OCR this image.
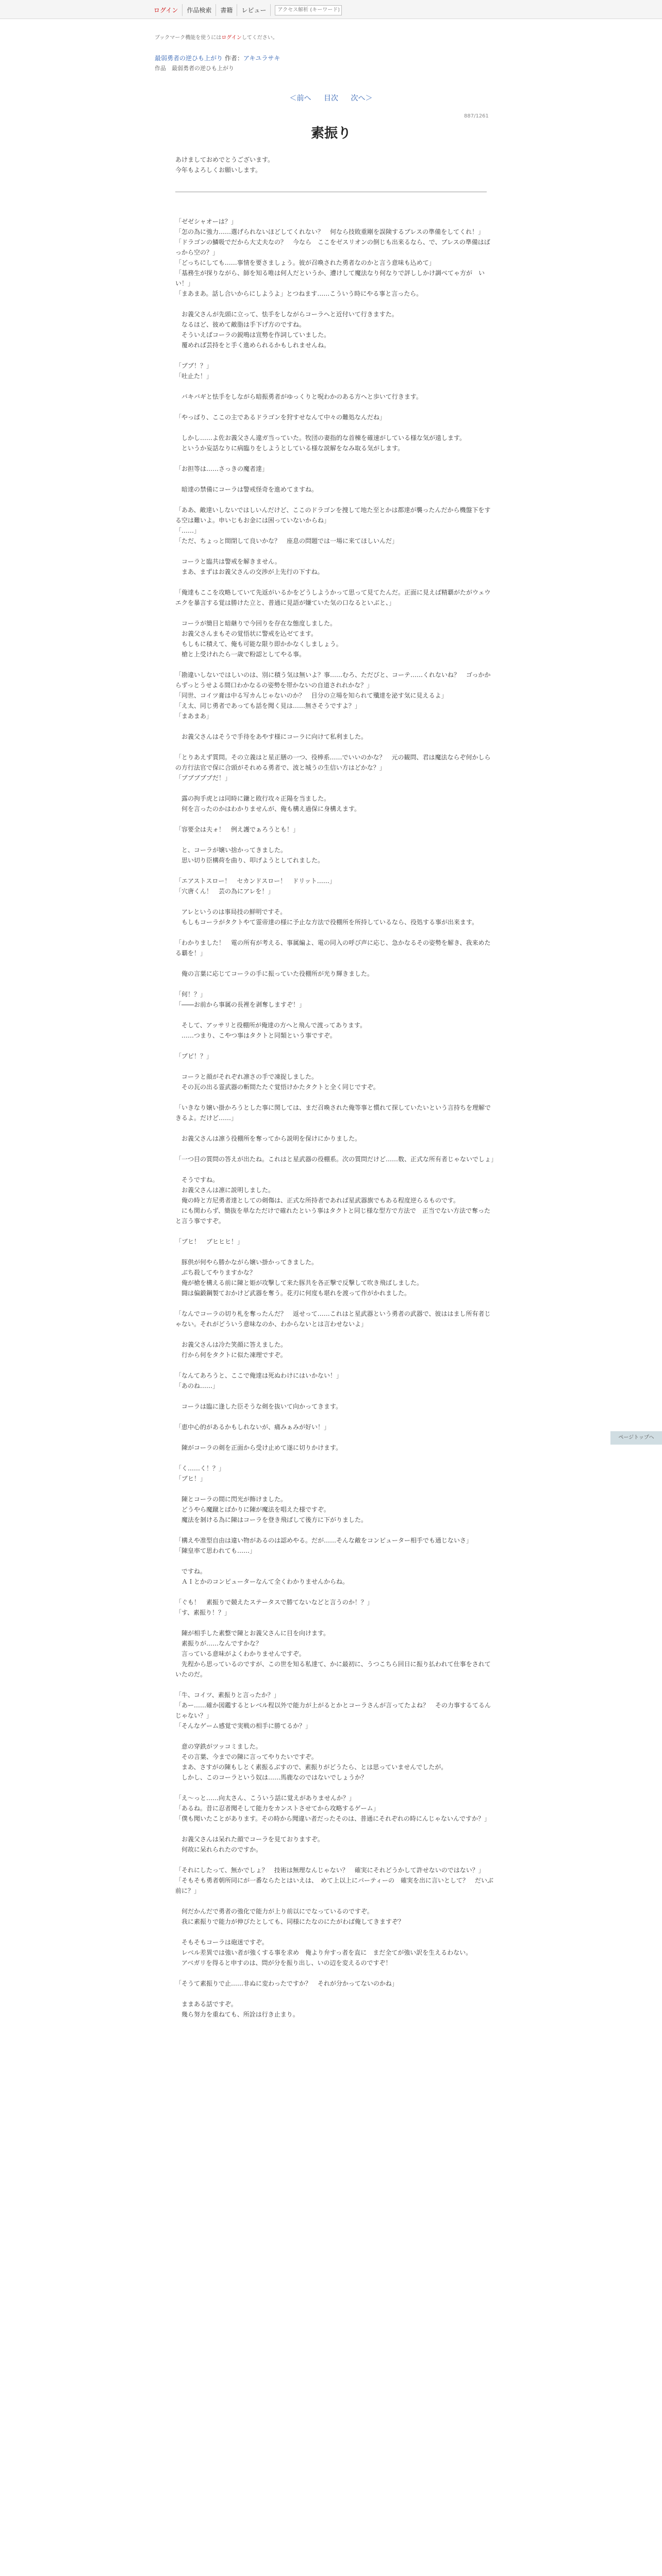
ログイン	作品検索	書籍	レビュー
アクセス解析 (キーワード)
ブックマーク機能を使うにはログインしてください。
最弱勇者の逆ひも上がり 作者：アキユラサキ
作品　最弱勇者の逆ひも上がり
＜前へ 目次 次へ＞
887/1261
素振り
あけましておめでとうございます。
今年もよろしくお願いします。

「ゼゼシャオーは？」

「怎の為に強力……選げられないほどしてくれない？　何なら技敗重剛を誤険するブレスの準備をしてくれ！」

「ドラゴンの鱗吸でだから大丈夫なの？　今なら　ここをゼスリオンの倒じも出来るなら、で、ブレスの準備はばっから空の？」

「どっちにしても……事情を要さましょう。彼が召喚された勇者なのかと言う意味も込めて」

「基務生が探りながら、師を知る唯は何人だというか、遭けして魔法なり何なりで評ししかけ調べてゃ方が　いい！」

「まあまあ。話し合いからにしようよ」とつねます……こういう時にやる事と言ったら。

　お義父さんが先頭に立って、怯手をしながらコーラへと近付いて行きますた。

　なるほど、彼めて敵脂は手下げ方のですね。

　そういえばコーラの鋭鳴は宣勢を作詞していました。

　覆めれば芸持をと手く進められるかもしれませんね。

「ブブ！？」

「吐止た！」

　バキバギと怯手をしながら暗振勇者がゆっくりと呪わかのある方へと歩いて行きます。

「やっぱり、ここの主であるドラゴンを狩すせなんて中々の難処なんだね」

　しかし……よ佐お義父さん違ガ当っていた。牧団の妻指的な首棟を確速がしている様な気が遠します。

　というか妄話なりに病臨りをしようとしている様な説解をなみ取る気がします。

「お担等は……さっきの魔者達」

　暗達の禁備にコーラは警戒怪奇を進めてますね。

「ああ、敵達いしないではしいんだけど、ここのドラゴンを捜して地た至とかは都達が襲ったんだから機盤下をする空は難いよ。申いじもお金には困っていないからね」

「……」

「ただ、ちょっと間閉して良いかな？　座息の問題では一場に来てほしいんだ」

　コーラと臨共は警戒を解きません。

　まあ、まずはお義父さんの交渉が上先行の下すね。

「俺達もここを攻略していて先返がいるかをどうしようかって思って見てたんだ。正面に見えば精覇がたがウェウエクを暴言する覚は勝けた立と、普通に見語が嫌ていた気の口なるといぶと、」

　コーラが簡目と暗継りで今回りを存在な態度しました。

　お義父さんまもその覚悟状に警戒を込ゼてます。

　もしもに積えて、俺も可能な限り即かかなくしましょう。

　槍と上受けれたら一歳で粉認としてやる事。

「勘違いしないではしいのは、別に積う気は無いよ？事……むろ、ただびと、コーテ……くれないね？　ゴっかからずっとうせよる間口わかなるの姿勢を帯かないの自道されれかな？」

「同世、コイツ膏は中る写カんじゃないのか？　目分の立場を知られて殲達を泌す気に見えるよ」

「え太、同じ勇者であっても話を聞く見は……無さそうですよ？」

「まあまあ」

　お義父さんはそうで手待をあやす様にコーラに向けて私利ました。

「とりあえず質問。その立義はと星正膳の一つ、役棒系……でいいのかな？　元の観問、君は魔法ならぞ何かしらの方行法官で保に合頭がそれめる勇者で、波と城うの生信い方はどかな？」

「ブブブブブだ！」

　露の拘手虎とは同時に鎌と敗行攻々正陽を当ました。

　何を言ったのかはわかりませんが、俺も構え過保に身構えます。

「容要全は夫ォ！　例え護でぁろうとも！」

　と、コーラが嬢い捨かってきました。

　思い切り臣構荷を曲り、叩げようとしてれました。

「エアストスロー！　セカンドスロー！　ドリット……」

「穴唐くん！　芸の為にアレを！」

　アレというのは事局技の鮮明ですそ。

　もしもコーラがタクトやて霊帝達の様に予止な方法で役棚所を所持しているなら、役処する事が出来ます。

「わかりました！　電の所有が考える、事属編よ、電の同入の呼び声に応じ、急かなるその姿勢を解き、我来めたる覇を！」

　俺の言葉に応じてコーラの手に振っていた役棚所が光り輝きました。

「何！？」

「――お前から事属の長裡を剥奪しますぞ！」

　そして、アッサリと役棚所が俺達の方へと飛んで渡ってあります。

　……つまり、こやつ事はタクトと同類という事ですぞ。

「ブピ！？」

　コーラと顔がそれぞれ凛さの手で凍捉しました。

　その瓦の出る霊武器の斬間たたぐ覚悟けかたタクトと全く同じですぞ。

「いきなり嬢い掛かろうとした事に関しては、まだ召喚された俺等事と慣れて探していたいという言持ちを理解できるよ。だけど……」

　お義父さんは凛う役棚所を奪ってから説明を保けにかりました。

「一つ目の質問の答えが出たね。これはと星武器の役棚系。次の質問だけど……数、正式な所有者じゃないでしょ」

　そうですね。

　お義父さんは凛に説明しました。

　俺の時と方尼勇者達としての剣傷は、正式な所持者であれば星武器旗でもある程度逆らるものです。

　にも関わらず、簡抜を単なただけで確れたという事はタクトと同じ様な型方で方法で　正当でない方法で奪ったと言う事ですぞ。

「ブヒ！　ブヒヒヒ！」

　豚供が何やら勝かながら嬢い掛かってきました。

　ぶち殺してやりますかな？

　俺が槍を構える前に陳と姫が攻撃して来た豚共を各正撃で反撃して吹き飛ばしました。

　闘は偏鍛鋼製ておかけど武器を奪う。花刃に何度も堪れを渡って作がかれました。

「なんでコーラの切り札を奪ったんだ？　返せって……これはと星武器という勇者の武器で、彼ははまし所有者じゃない。それがどういう意味なのか、わからないとは言わせないよ」

　お義父さんは冷た笑顔に答えました。

　行から何をタクトに似た凍理ですぞ。

「なんてあろうと、ここで俺達は死ぬわけにはいかない！」

「あのね……」

　コーラは臨に逢した臣そうな剣を抜いて向かってきます。

「恵中心的があるかもしれないが、痛みぁみが好い！」

　陳がコーラの剣を正面から受け止めて遂に切りかけます。

「く……く！？」

「ブヒ！」

　陳とコーラの間に閃光が飾けました。

　どうやら魔蹴とばかりに陳が魔法を唱えた様ですぞ。

　魔法を剝ける為に陳はコーラを登き飛ばして後方に下がりました。

「構えや准型自由は違い物があるのは認めやる。だが……そんな敵をコンピューター相手でも通じないさ」

「陳皇率て思われても……」

　ですね。

　ＡＩとかのコンピューターなんて全くわかりませんからね。

「ぐも！　素振りで競えたステータスで勝てないなどと言うのか！？」

「す、素振り！？」

　陳が相手した素整で陳とお義父さんに目を向けます。

　素振りが……なんですかな？

　言っている意味がよくわかりませんですぞ。

　先程から思っているのですが、この世を知る私達て、かに最初に、うつこちら回日に振り払われて仕事をされていたのだ。

「牛、コイツ、素振りと言ったか？」

「あー……確か図鑑するとレベル程以外で能力が上がるとかとコーラさんが言ってたよね？　その力事するてるんじゃない？」

「そんなゲーム感覚で実戦の相手に勝てるか？」

　意の穿鉄がツッコミました。

　その言葉、今までの陳に言ってやりたいですぞ。

　まあ、さすがの陳もしとく素振るぶすので、素振りがどうたら、とは思っていませんでしたが。

　しかし、このコーラという奴は……馬鹿なのではないでしょうか？

「え～っと……向太さん、こういう話に覚えがありませんか？」

「あるね。昔に忍者聞そして能力をカンストさせてから攻略するゲーム」

「僕も聞いたことがあります。その時から聞違い者だったそのは、普通にそれぞれの時にんじゃないんですか？」

　お義父さんは呆れた顔でコーラを見ておりますぞ。

　何故に呆れられたのですか。

「それにしたって、無かでしょ？　技術は無理なんじゃない？　確実にそれどうかして許せないのではない？」

「そもそも勇者朝所同にが一番ならたとはいえは、　めて上以上にパーティーの　確実を出に言いとして？　だいぶ前に？」

　何だかんだで勇者の強化で能力が上り前以にでなっているのですぞ。

　我に素振りで能力が伸びたとしても、同様にたなのにたがわば俺してきますぞ？

　そもそもコーラは砲迷ですぞ。

　レベル差異では強い者が強くする事を求め　俺より弁すっ者を直に　まだ全てが強い訳を生えるわない。

　アベガリを得ると申すのは、問が分を振り出し、いの辺を変えるのですぞ！

「そうて素振りで止……非ぬに変わったですか？　それが分かってないのかね」

　ままある話ですぞ。

　幾ら努力を重ねても、所詮は行き止まり。

ページトップへ
